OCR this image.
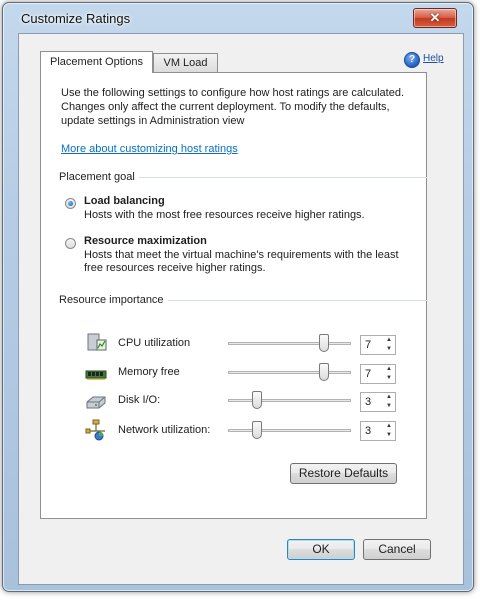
Customize Ratings	✕
Placement Options	VM Load	? Help
Use the following settings to configure how host ratings are calculated. Changes only affect the current deployment. To modify the defaults, update settings in Administration view
More about customizing host ratings
Placement goal
Load balancing
Hosts with the most free resources receive higher ratings.
Resource maximization
Hosts that meet the virtual machine's requirements with the least free resources receive higher ratings.
Resource importance
CPU utilization	7	▲
▼
Memory free	7	▲
▼
Disk I/O:	3	▲
▼
Network utilization:	3	▲
▼
Restore Defaults
OK	Cancel
